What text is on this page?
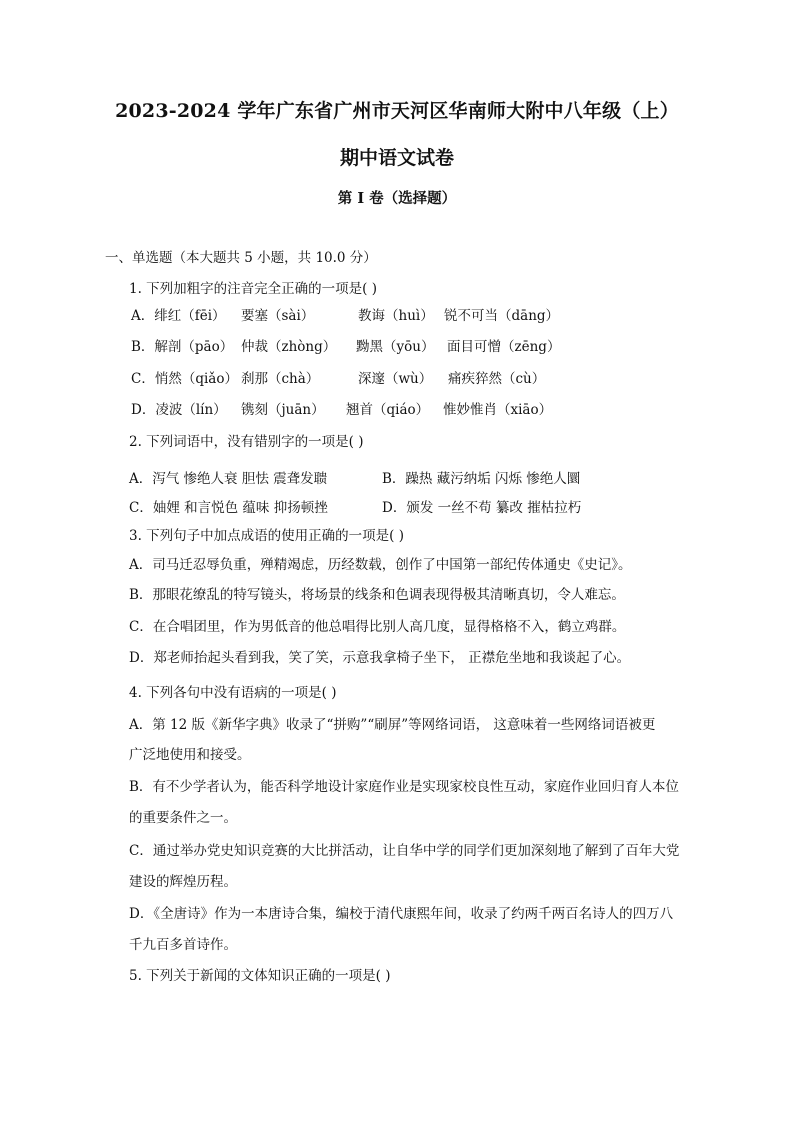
2023-2024 学年广东省广州市天河区华南师大附中八年级（上）
期中语文试卷
第 I 卷（选择题）
一、单选题（本大题共 5 小题，共 10.0 分）
1. 下列加粗字的注音完全正确的一项是( )
A．绯红（fēi） 要塞（sài）	教诲（huì） 锐不可当（dāng）
B．解剖（pāo） 仲裁（zhòng） 黝黑（yōu） 面目可憎（zēng）
C．悄然（qiǎo） 刹那（chà）	深邃（wù） 痛疾猝然（cù）
D．凌波（lín） 镌刻（juān） 翘首（qiáo） 惟妙惟肖（xiāo）
2. 下列词语中，没有错别字的一项是( )
A．泻气 惨绝人衰 胆怯 震聋发聩	B．躁热 藏污纳垢 闪烁 惨绝人圜
C．妯娌 和言悦色 蕴味 抑扬顿挫	D．颁发 一丝不苟 纂改 摧枯拉朽
3. 下列句子中加点成语的使用正确的一项是( )
A．司马迁忍辱负重，殚精竭虑，历经数载，创作了中国第一部纪传体通史《史记》。
B．那眼花缭乱的特写镜头，将场景的线条和色调表现得极其清晰真切，令人难忘。
C．在合唱团里，作为男低音的他总唱得比别人高几度，显得格格不入，鹤立鸡群。
D．郑老师抬起头看到我，笑了笑，示意我拿椅子坐下， 正襟危坐地和我谈起了心。
4. 下列各句中没有语病的一项是( )
A．第 12 版《新华字典》收录了“拼购”“刷屏”等网络词语， 这意味着一些网络词语被更
广泛地使用和接受。
B．有不少学者认为，能否科学地设计家庭作业是实现家校良性互动，家庭作业回归育人本位
的重要条件之一。
C．通过举办党史知识竞赛的大比拼活动，让自华中学的同学们更加深刻地了解到了百年大党
建设的辉煌历程。
D．《全唐诗》作为一本唐诗合集，编校于清代康熙年间，收录了约两千两百名诗人的四万八
千九百多首诗作。
5. 下列关于新闻的文体知识正确的一项是( )
